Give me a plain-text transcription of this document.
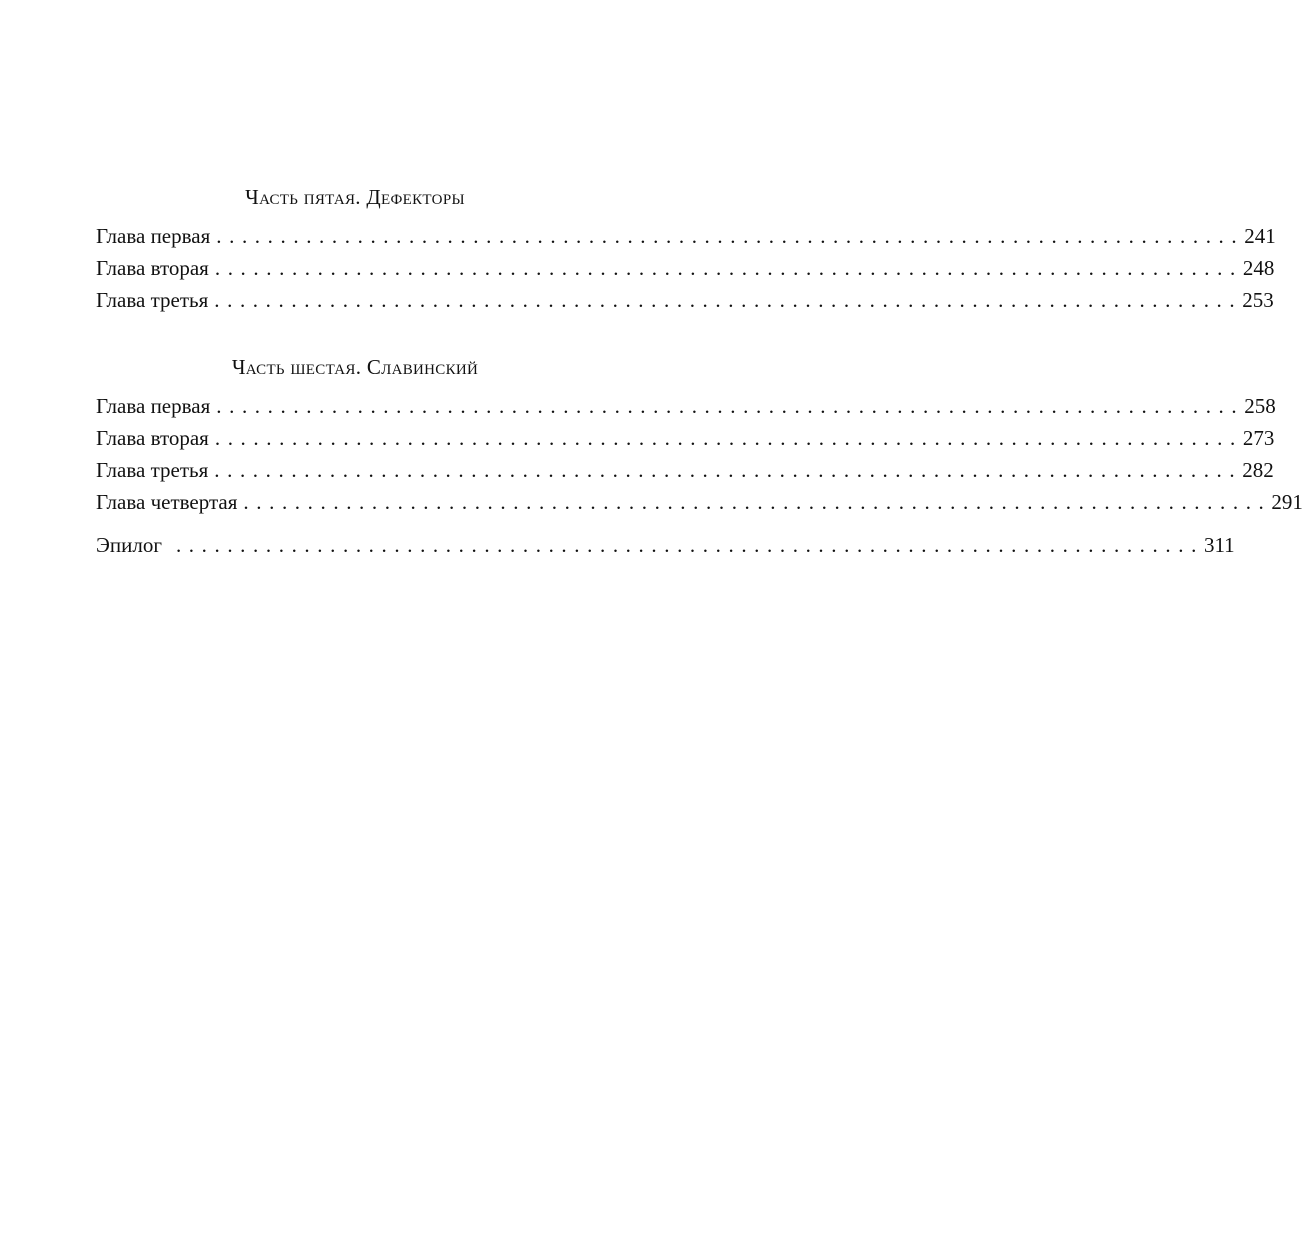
Часть пятая. Дефекторы
Глава первая ................................................................................ 241
Глава вторая ................................................................................ 248
Глава третья ................................................................................ 253
Часть шестая. Славинский
Глава первая ................................................................................ 258
Глава вторая ................................................................................ 273
Глава третья ................................................................................ 282
Глава четвертая ................................................................................ 291
Эпилог ................................................................................ 311
